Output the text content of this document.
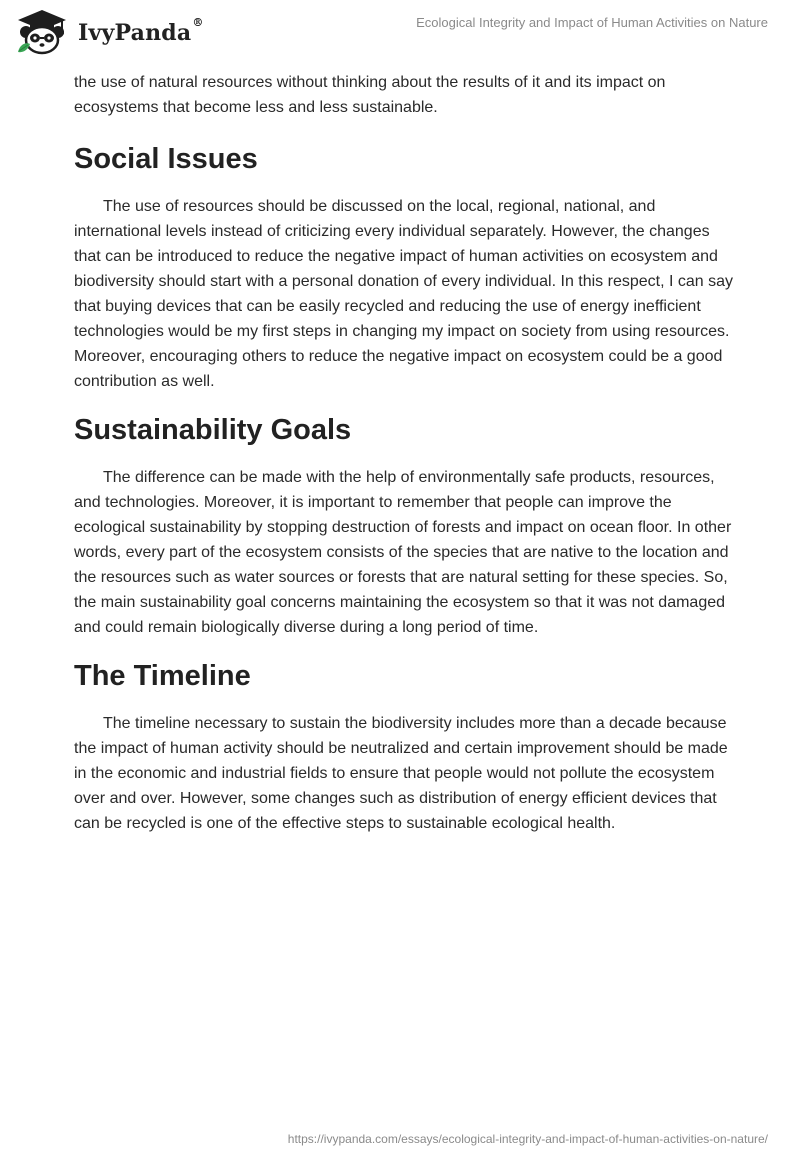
IvyPanda®	Ecological Integrity and Impact of Human Activities on Nature

the use of natural resources without thinking about the results of it and its impact on ecosystems that become less and less sustainable.

Social Issues

The use of resources should be discussed on the local, regional, national, and international levels instead of criticizing every individual separately. However, the changes that can be introduced to reduce the negative impact of human activities on ecosystem and biodiversity should start with a personal donation of every individual. In this respect, I can say that buying devices that can be easily recycled and reducing the use of energy inefficient technologies would be my first steps in changing my impact on society from using resources. Moreover, encouraging others to reduce the negative impact on ecosystem could be a good contribution as well.

Sustainability Goals

The difference can be made with the help of environmentally safe products, resources, and technologies. Moreover, it is important to remember that people can improve the ecological sustainability by stopping destruction of forests and impact on ocean floor. In other words, every part of the ecosystem consists of the species that are native to the location and the resources such as water sources or forests that are natural setting for these species. So, the main sustainability goal concerns maintaining the ecosystem so that it was not damaged and could remain biologically diverse during a long period of time.

The Timeline

The timeline necessary to sustain the biodiversity includes more than a decade because the impact of human activity should be neutralized and certain improvement should be made in the economic and industrial fields to ensure that people would not pollute the ecosystem over and over. However, some changes such as distribution of energy efficient devices that can be recycled is one of the effective steps to sustainable ecological health.

https://ivypanda.com/essays/ecological-integrity-and-impact-of-human-activities-on-nature/
